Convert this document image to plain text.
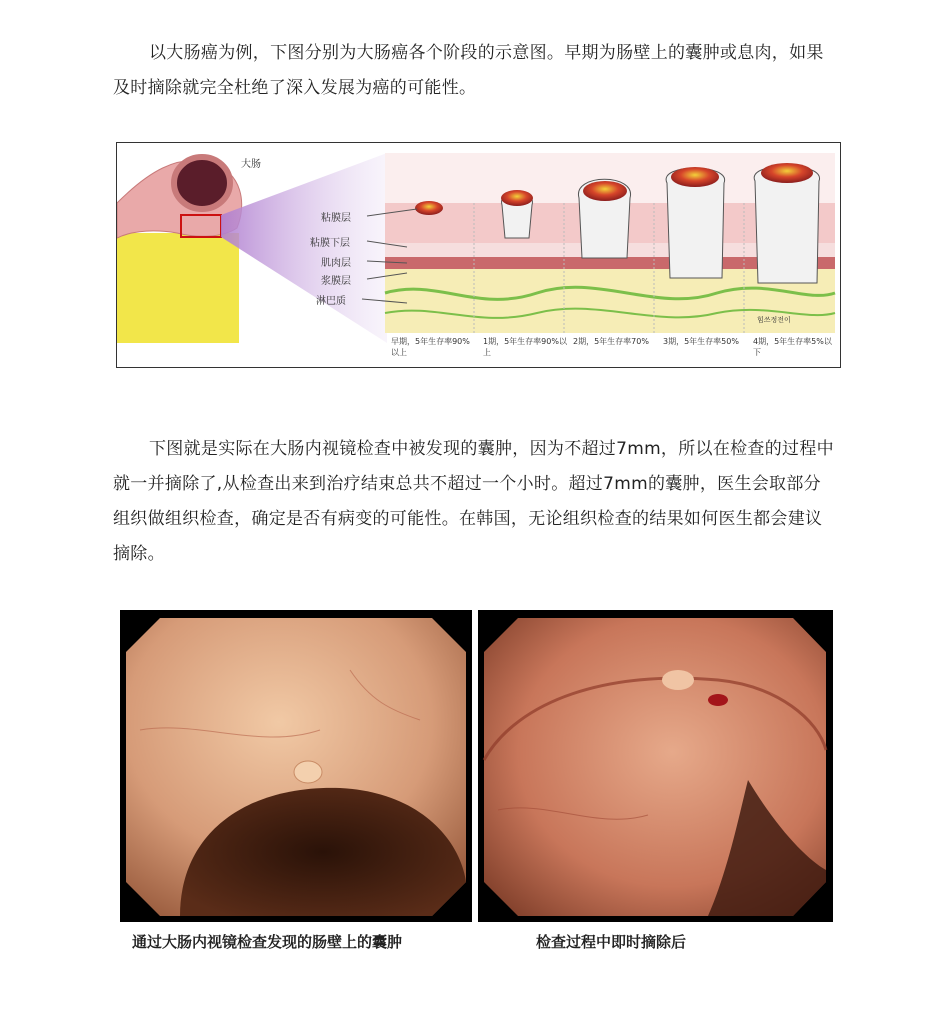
以大肠癌为例，下图分别为大肠癌各个阶段的示意图。早期为肠壁上的囊肿或息肉，如果及时摘除就完全杜绝了深入发展为癌的可能性。

大肠
粘膜层
粘膜下层
肌肉层
浆膜层
淋巴质
힘쓰정전이
早期，5年生存率90%以上
1期，5年生存率90%以上
2期，5年生存率70%	3期，5年生存率50%	4期，5年生存率5%以下

下图就是实际在大肠内视镜检查中被发现的囊肿，因为不超过7mm，所以在检查的过程中就一并摘除了,从检查出来到治疗结束总共不超过一个小时。超过7mm的囊肿，医生会取部分组织做组织检查，确定是否有病变的可能性。在韩国，无论组织检查的结果如何医生都会建议摘除。

通过大肠内视镜检查发现的肠壁上的囊肿	检查过程中即时摘除后
